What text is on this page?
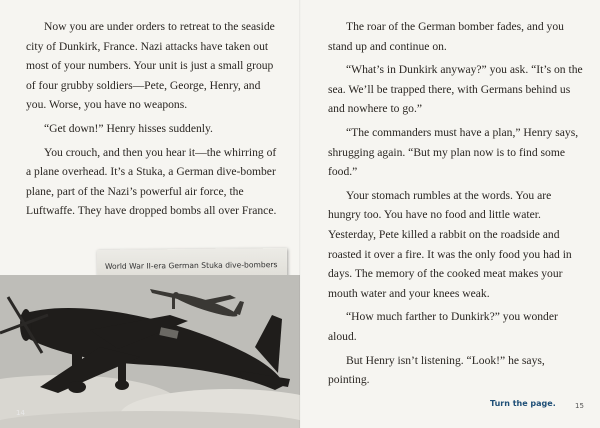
Now you are under orders to retreat to the seaside city of Dunkirk, France. Nazi attacks have taken out most of your numbers. Your unit is just a small group of four grubby soldiers—Pete, George, Henry, and you. Worse, you have no weapons.

“Get down!” Henry hisses suddenly.

You crouch, and then you hear it—the whirring of a plane overhead. It’s a Stuka, a German dive-bomber plane, part of the Nazi’s powerful air force, the Luftwaffe. They have dropped bombs all over France.

World War II-era German Stuka dive-bombers
14

The roar of the German bomber fades, and you stand up and continue on.

“What’s in Dunkirk anyway?” you ask. “It’s on the sea. We’ll be trapped there, with Germans behind us and nowhere to go.”

“The commanders must have a plan,” Henry says, shrugging again. “But my plan now is to find some food.”

Your stomach rumbles at the words. You are hungry too. You have no food and little water. Yesterday, Pete killed a rabbit on the roadside and roasted it over a fire. It was the only food you had in days. The memory of the cooked meat makes your mouth water and your knees weak.

“How much farther to Dunkirk?” you wonder aloud.

But Henry isn’t listening. “Look!” he says, pointing.

Turn the page.	15
